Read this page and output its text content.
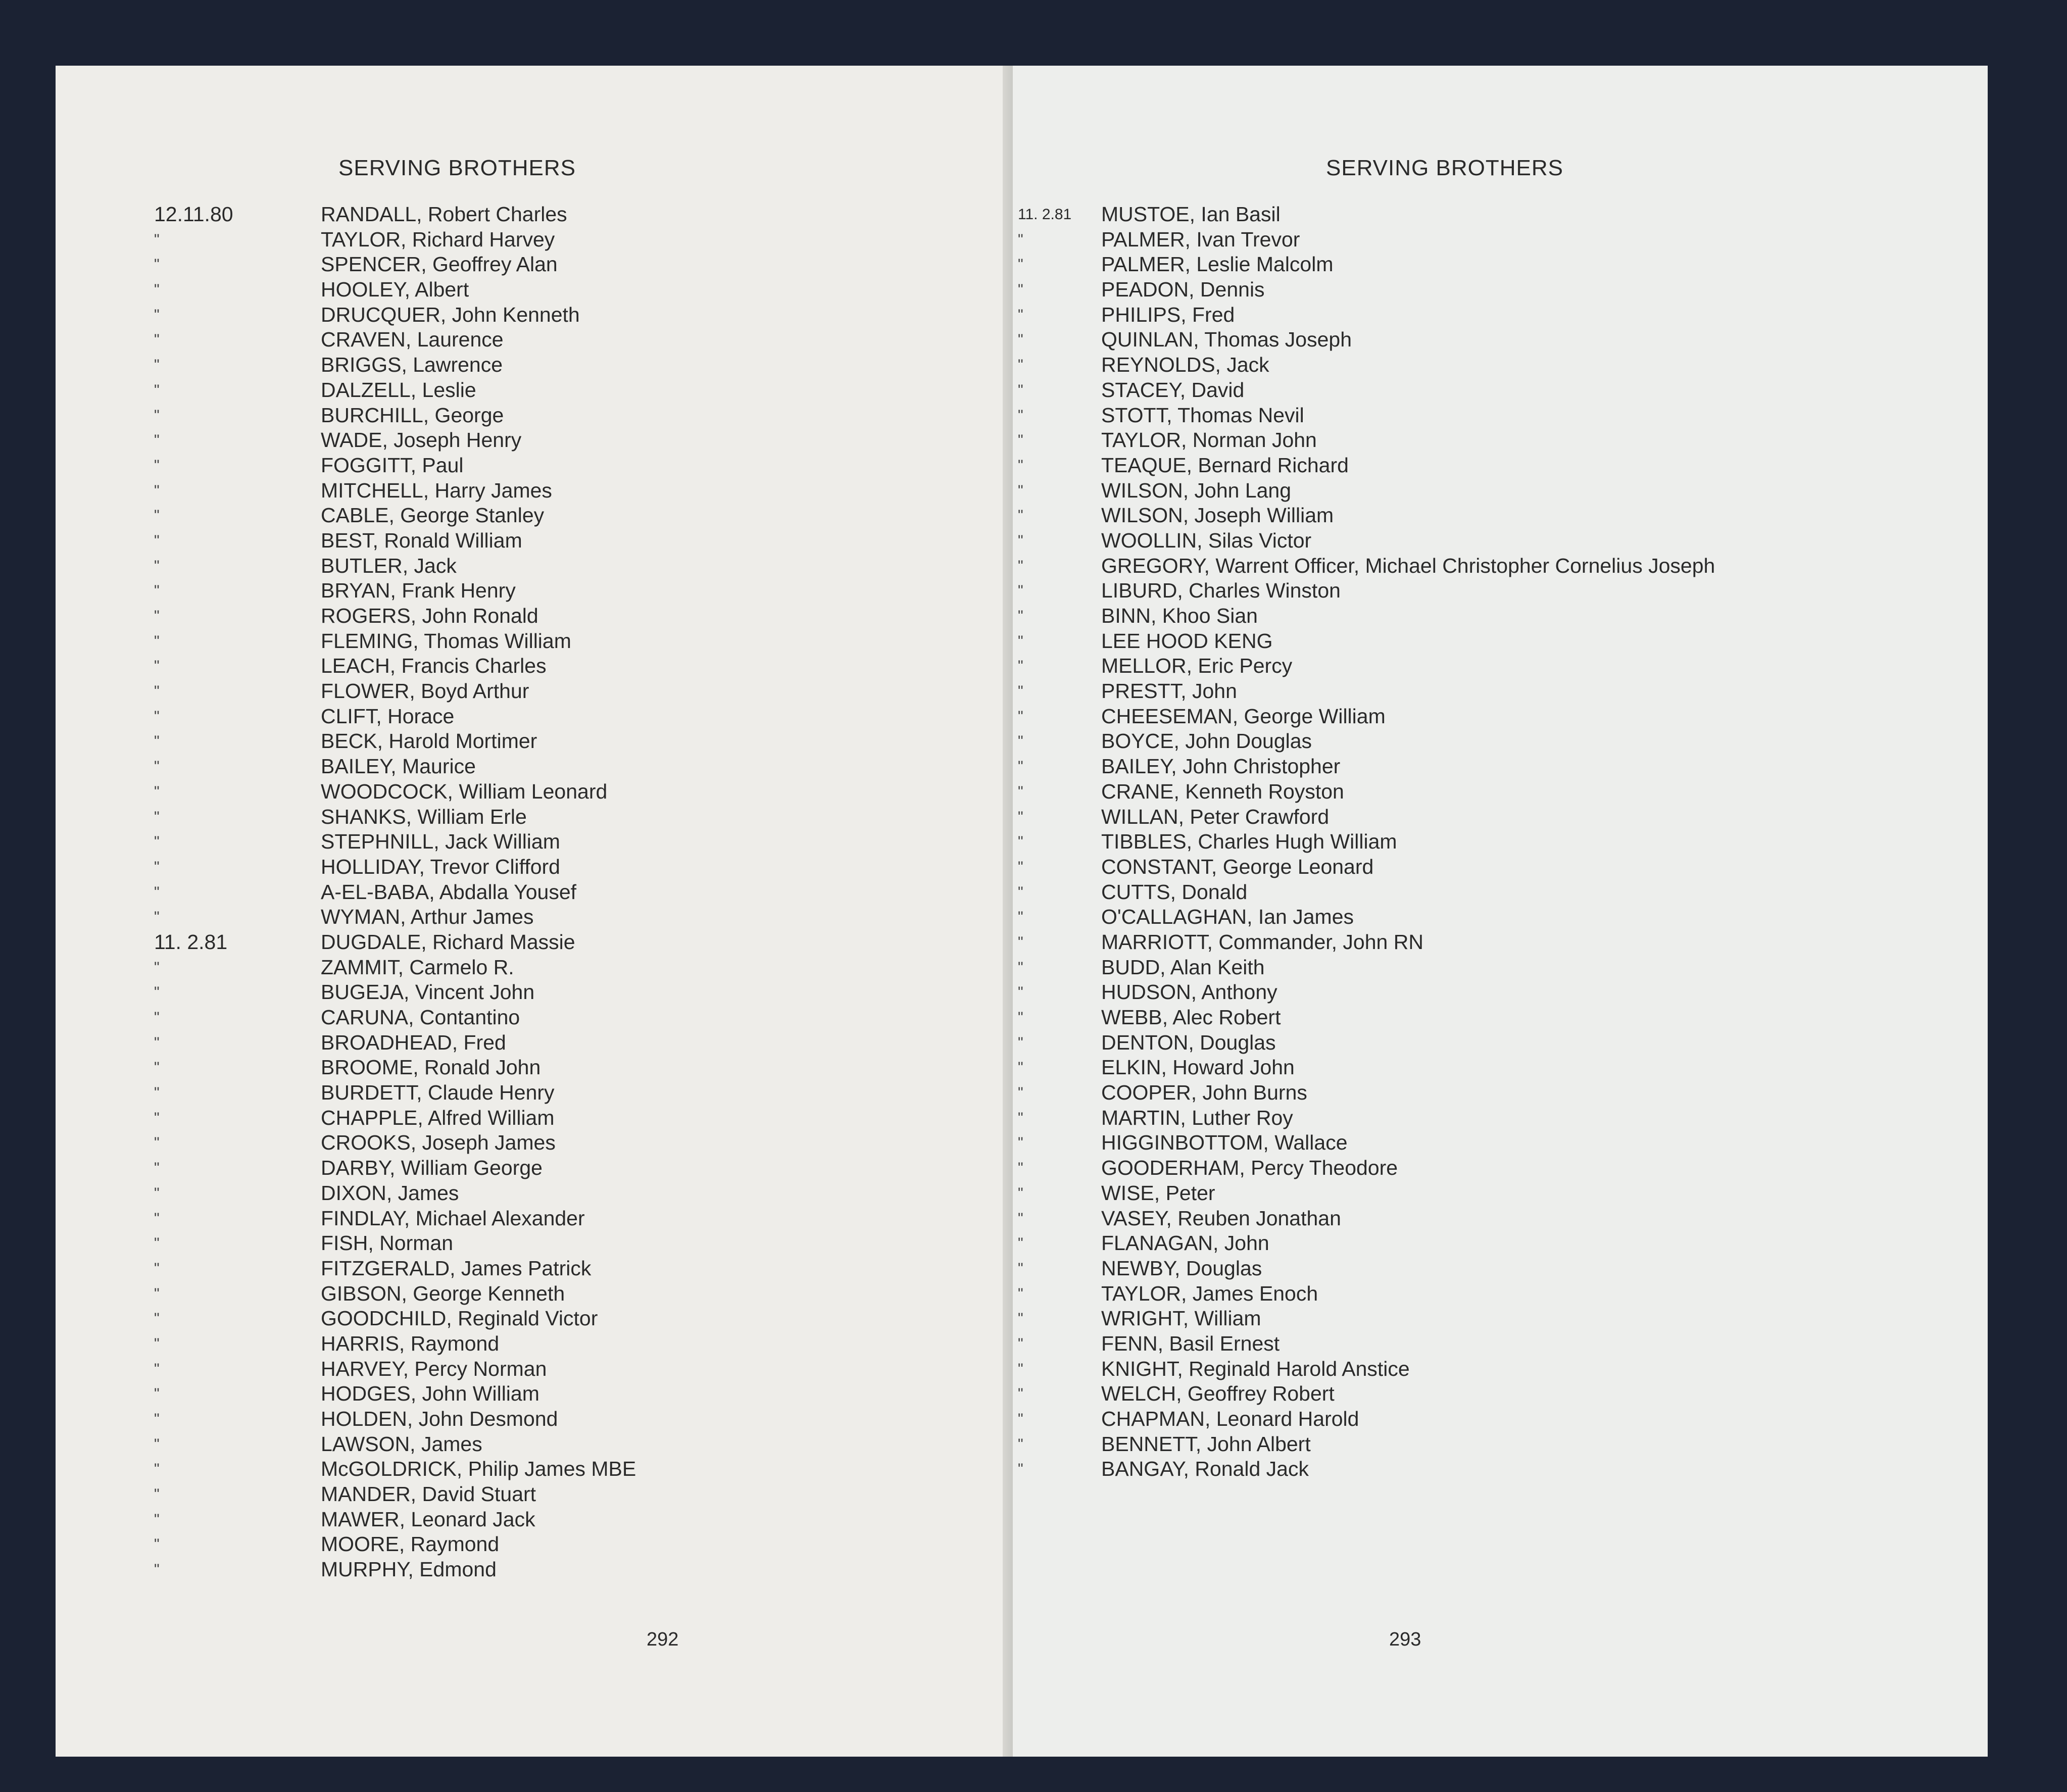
SERVING BROTHERS
12.11.80	RANDALL, Robert Charles
"	TAYLOR, Richard Harvey
"	SPENCER, Geoffrey Alan
"	HOOLEY, Albert
"	DRUCQUER, John Kenneth
"	CRAVEN, Laurence
"	BRIGGS, Lawrence
"	DALZELL, Leslie
"	BURCHILL, George
"	WADE, Joseph Henry
"	FOGGITT, Paul
"	MITCHELL, Harry James
"	CABLE, George Stanley
"	BEST, Ronald William
"	BUTLER, Jack
"	BRYAN, Frank Henry
"	ROGERS, John Ronald
"	FLEMING, Thomas William
"	LEACH, Francis Charles
"	FLOWER, Boyd Arthur
"	CLIFT, Horace
"	BECK, Harold Mortimer
"	BAILEY, Maurice
"	WOODCOCK, William Leonard
"	SHANKS, William Erle
"	STEPHNILL, Jack William
"	HOLLIDAY, Trevor Clifford
"	A-EL-BABA, Abdalla Yousef
"	WYMAN, Arthur James
11. 2.81	DUGDALE, Richard Massie
"	ZAMMIT, Carmelo R.
"	BUGEJA, Vincent John
"	CARUNA, Contantino
"	BROADHEAD, Fred
"	BROOME, Ronald John
"	BURDETT, Claude Henry
"	CHAPPLE, Alfred William
"	CROOKS, Joseph James
"	DARBY, William George
"	DIXON, James
"	FINDLAY, Michael Alexander
"	FISH, Norman
"	FITZGERALD, James Patrick
"	GIBSON, George Kenneth
"	GOODCHILD, Reginald Victor
"	HARRIS, Raymond
"	HARVEY, Percy Norman
"	HODGES, John William
"	HOLDEN, John Desmond
"	LAWSON, James
"	McGOLDRICK, Philip James MBE
"	MANDER, David Stuart
"	MAWER, Leonard Jack
"	MOORE, Raymond
"	MURPHY, Edmond
292
SERVING BROTHERS
11. 2.81 MUSTOE, Ian Basil
"	PALMER, Ivan Trevor
"	PALMER, Leslie Malcolm
"	PEADON, Dennis
"	PHILIPS, Fred
"	QUINLAN, Thomas Joseph
"	REYNOLDS, Jack
"	STACEY, David
"	STOTT, Thomas Nevil
"	TAYLOR, Norman John
"	TEAQUE, Bernard Richard
"	WILSON, John Lang
"	WILSON, Joseph William
"	WOOLLIN, Silas Victor
"	GREGORY, Warrent Officer, Michael Christopher Cornelius Joseph
"	LIBURD, Charles Winston
"	BINN, Khoo Sian
"	LEE HOOD KENG
"	MELLOR, Eric Percy
"	PRESTT, John
"	CHEESEMAN, George William
"	BOYCE, John Douglas
"	BAILEY, John Christopher
"	CRANE, Kenneth Royston
"	WILLAN, Peter Crawford
"	TIBBLES, Charles Hugh William
"	CONSTANT, George Leonard
"	CUTTS, Donald
"	O'CALLAGHAN, Ian James
"	MARRIOTT, Commander, John RN
"	BUDD, Alan Keith
"	HUDSON, Anthony
"	WEBB, Alec Robert
"	DENTON, Douglas
"	ELKIN, Howard John
"	COOPER, John Burns
"	MARTIN, Luther Roy
"	HIGGINBOTTOM, Wallace
"	GOODERHAM, Percy Theodore
"	WISE, Peter
"	VASEY, Reuben Jonathan
"	FLANAGAN, John
"	NEWBY, Douglas
"	TAYLOR, James Enoch
"	WRIGHT, William
"	FENN, Basil Ernest
"	KNIGHT, Reginald Harold Anstice
"	WELCH, Geoffrey Robert
"	CHAPMAN, Leonard Harold
"	BENNETT, John Albert
"	BANGAY, Ronald Jack
293
